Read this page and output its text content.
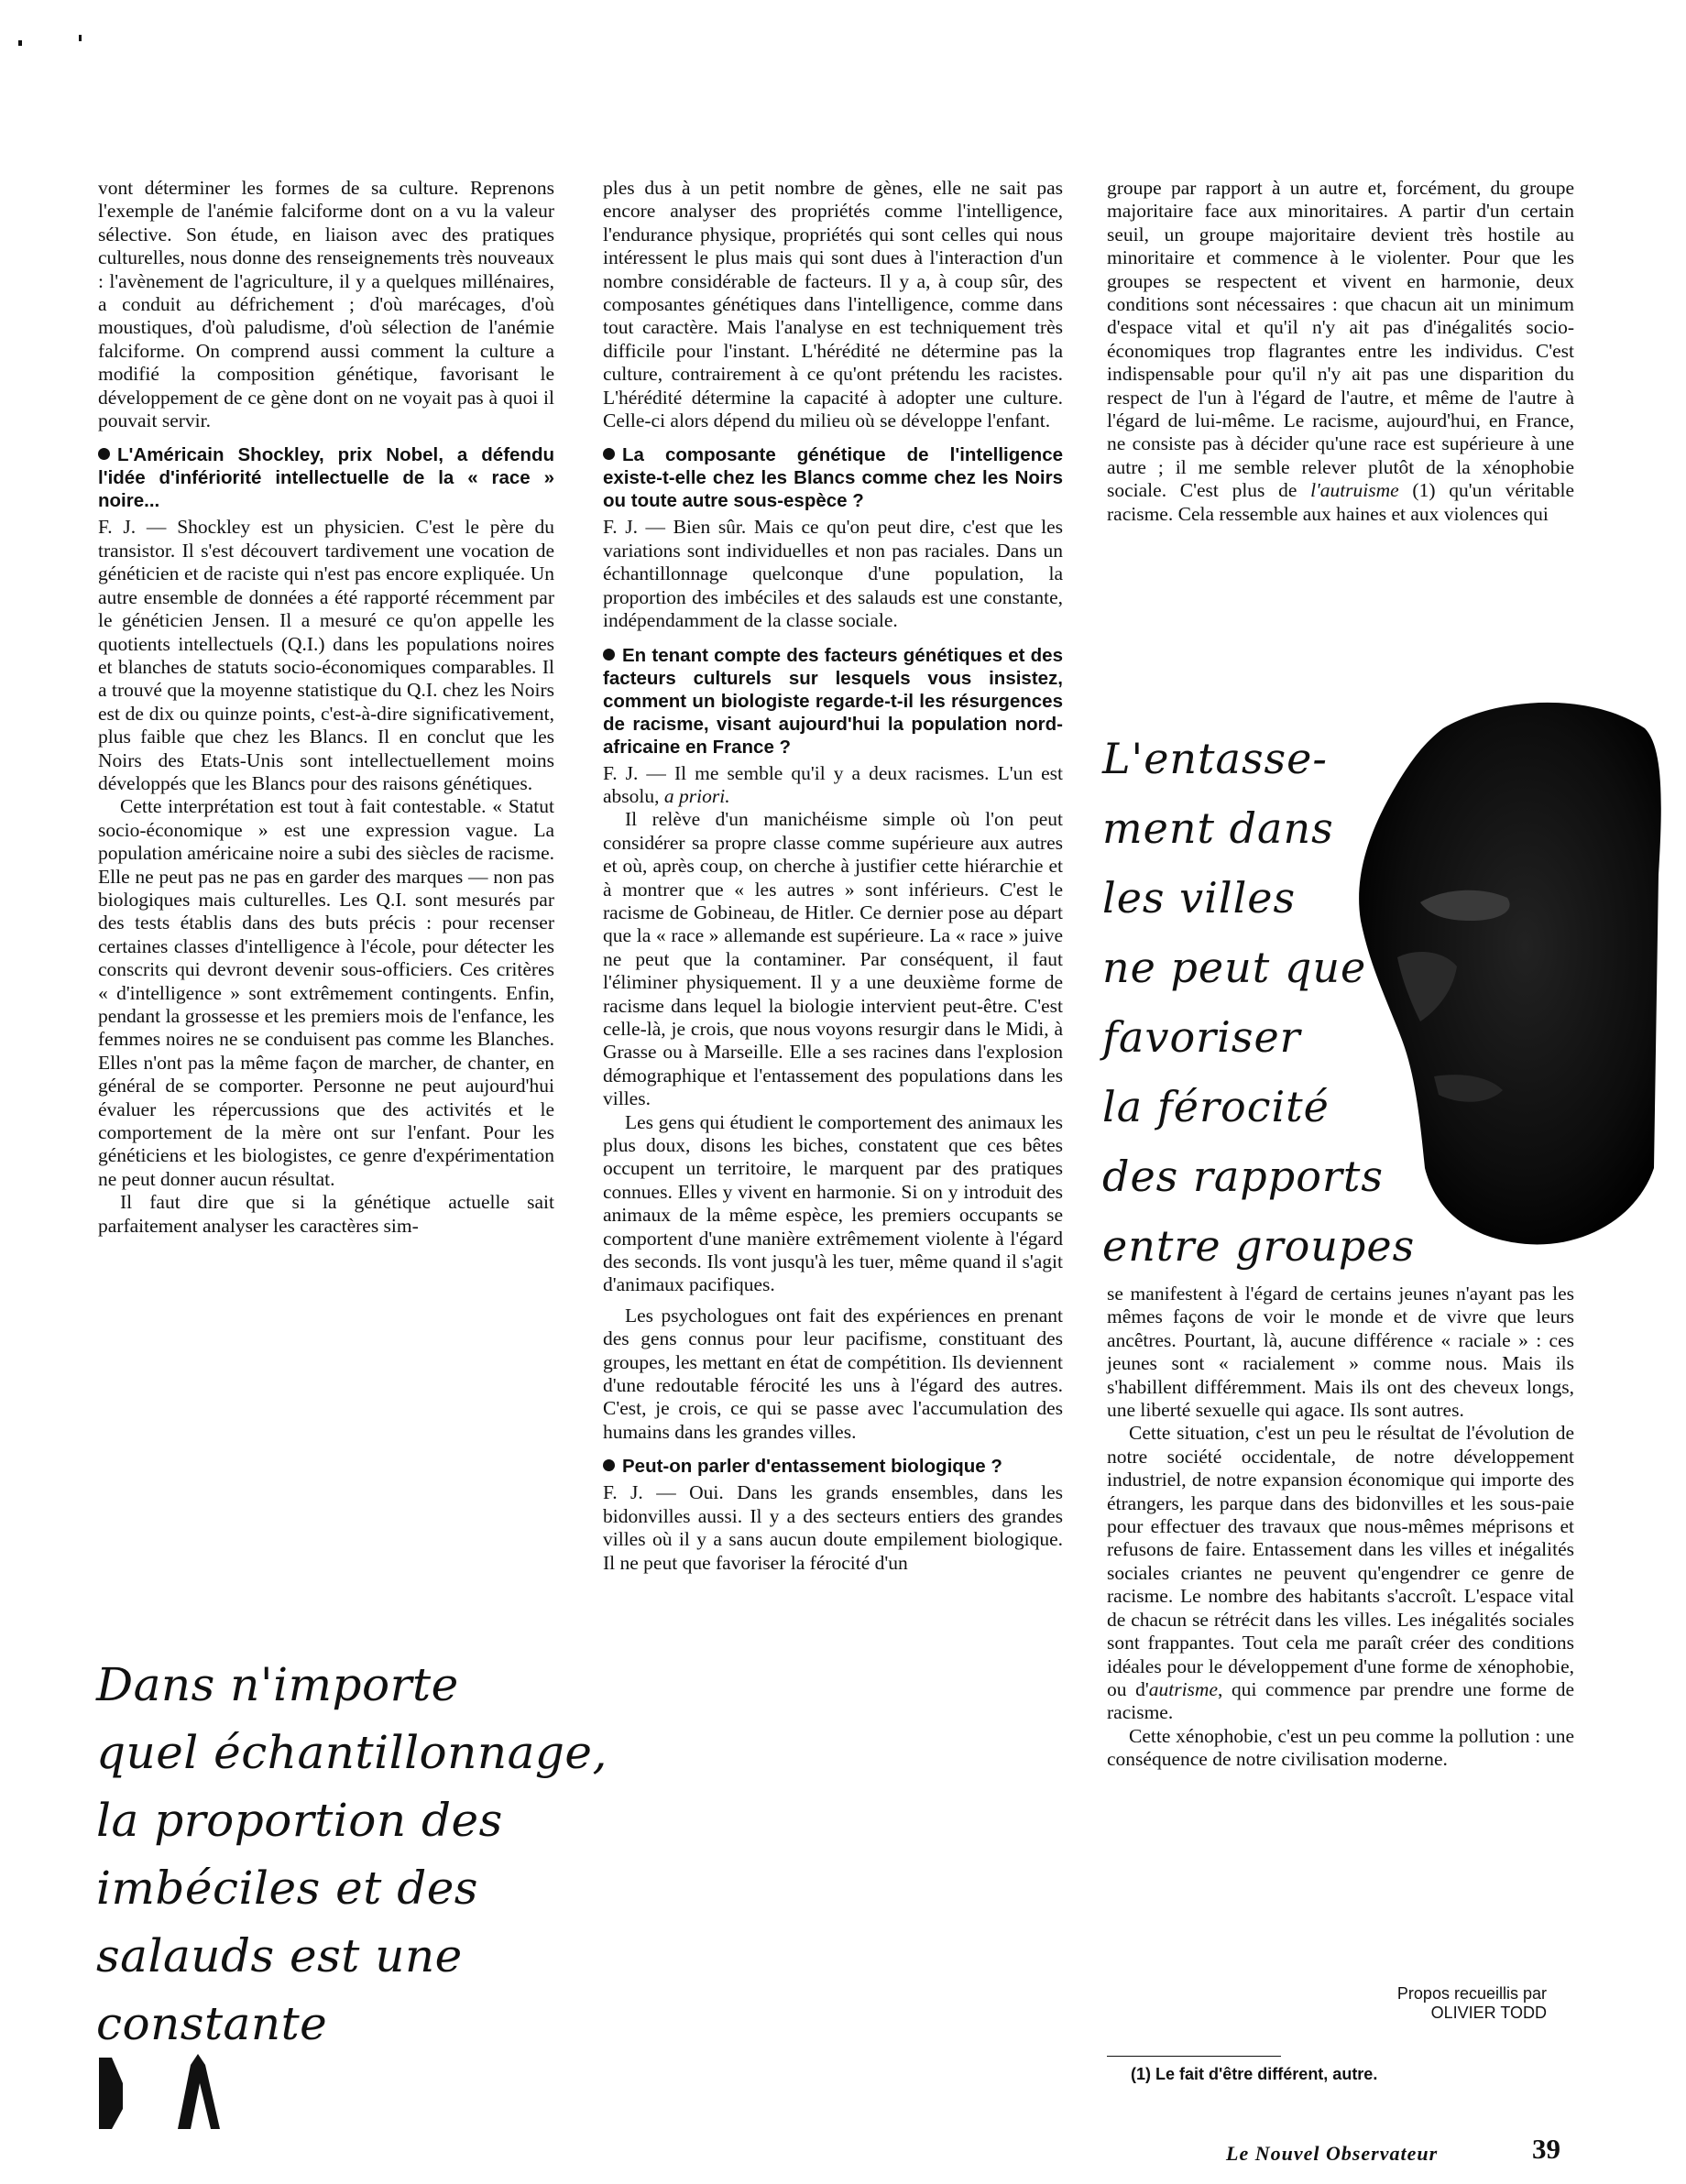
vont déterminer les formes de sa culture. Reprenons l'exemple de l'anémie falciforme dont on a vu la valeur sélective. Son étude, en liaison avec des pratiques culturelles, nous donne des renseignements très nouveaux : l'avènement de l'agriculture, il y a quelques millénaires, a conduit au défrichement ; d'où marécages, d'où moustiques, d'où paludisme, d'où sélection de l'anémie falciforme. On comprend aussi comment la culture a modifié la composition génétique, favorisant le développement de ce gène dont on ne voyait pas à quoi il pouvait servir.

L'Américain Shockley, prix Nobel, a défendu l'idée d'infériorité intellectuelle de la « race » noire...

F. J. — Shockley est un physicien. C'est le père du transistor. Il s'est découvert tardivement une vocation de généticien et de raciste qui n'est pas encore expliquée. Un autre ensemble de données a été rapporté récemment par le généticien Jensen. Il a mesuré ce qu'on appelle les quotients intellectuels (Q.I.) dans les populations noires et blanches de statuts socio-économiques comparables. Il a trouvé que la moyenne statistique du Q.I. chez les Noirs est de dix ou quinze points, c'est-à-dire significativement, plus faible que chez les Blancs. Il en conclut que les Noirs des Etats-Unis sont intellectuellement moins développés que les Blancs pour des raisons génétiques.

Cette interprétation est tout à fait contestable. « Statut socio-économique » est une expression vague. La population américaine noire a subi des siècles de racisme. Elle ne peut pas ne pas en garder des marques — non pas biologiques mais culturelles. Les Q.I. sont mesurés par des tests établis dans des buts précis : pour recenser certaines classes d'intelligence à l'école, pour détecter les conscrits qui devront devenir sous-officiers. Ces critères « d'intelligence » sont extrêmement contingents. Enfin, pendant la grossesse et les premiers mois de l'enfance, les femmes noires ne se conduisent pas comme les Blanches. Elles n'ont pas la même façon de marcher, de chanter, en général de se comporter. Personne ne peut aujourd'hui évaluer les répercussions que des activités et le comportement de la mère ont sur l'enfant. Pour les généticiens et les biologistes, ce genre d'expérimentation ne peut donner aucun résultat.

Il faut dire que si la génétique actuelle sait parfaitement analyser les caractères sim-

ples dus à un petit nombre de gènes, elle ne sait pas encore analyser des propriétés comme l'intelligence, l'endurance physique, propriétés qui sont celles qui nous intéressent le plus mais qui sont dues à l'interaction d'un nombre considérable de facteurs. Il y a, à coup sûr, des composantes génétiques dans l'intelligence, comme dans tout caractère. Mais l'analyse en est techniquement très difficile pour l'instant. L'hérédité ne détermine pas la culture, contrairement à ce qu'ont prétendu les racistes. L'hérédité détermine la capacité à adopter une culture. Celle-ci alors dépend du milieu où se développe l'enfant.

La composante génétique de l'intelligence existe-t-elle chez les Blancs comme chez les Noirs ou toute autre sous-espèce ?

F. J. — Bien sûr. Mais ce qu'on peut dire, c'est que les variations sont individuelles et non pas raciales. Dans un échantillonnage quelconque d'une population, la proportion des imbéciles et des salauds est une constante, indépendamment de la classe sociale.

En tenant compte des facteurs génétiques et des facteurs culturels sur lesquels vous insistez, comment un biologiste regarde-t-il les résurgences de racisme, visant aujourd'hui la population nord-africaine en France ?

F. J. — Il me semble qu'il y a deux racismes. L'un est absolu, a priori.

Il relève d'un manichéisme simple où l'on peut considérer sa propre classe comme supérieure aux autres et où, après coup, on cherche à justifier cette hiérarchie et à montrer que « les autres » sont inférieurs. C'est le racisme de Gobineau, de Hitler. Ce dernier pose au départ que la « race » allemande est supérieure. La « race » juive ne peut que la contaminer. Par conséquent, il faut l'éliminer physiquement. Il y a une deuxième forme de racisme dans lequel la biologie intervient peut-être. C'est celle-là, je crois, que nous voyons resurgir dans le Midi, à Grasse ou à Marseille. Elle a ses racines dans l'explosion démographique et l'entassement des populations dans les villes.

Les gens qui étudient le comportement des animaux les plus doux, disons les biches, constatent que ces bêtes occupent un territoire, le marquent par des pratiques connues. Elles y vivent en harmonie. Si on y introduit des animaux de la même espèce, les premiers occupants se comportent d'une manière extrêmement violente à l'égard des seconds. Ils vont jusqu'à les tuer, même quand il s'agit d'animaux pacifiques.

Les psychologues ont fait des expériences en prenant des gens connus pour leur pacifisme, constituant des groupes, les mettant en état de compétition. Ils deviennent d'une redoutable férocité les uns à l'égard des autres. C'est, je crois, ce qui se passe avec l'accumulation des humains dans les grandes villes.

Peut-on parler d'entassement biologique ?

F. J. — Oui. Dans les grands ensembles, dans les bidonvilles aussi. Il y a des secteurs entiers des grandes villes où il y a sans aucun doute empilement biologique. Il ne peut que favoriser la férocité d'un

groupe par rapport à un autre et, forcément, du groupe majoritaire face aux minoritaires. A partir d'un certain seuil, un groupe majoritaire devient très hostile au minoritaire et commence à le violenter. Pour que les groupes se respectent et vivent en harmonie, deux conditions sont nécessaires : que chacun ait un minimum d'espace vital et qu'il n'y ait pas d'inégalités socio-économiques trop flagrantes entre les individus. C'est indispensable pour qu'il n'y ait pas une disparition du respect de l'un à l'égard de l'autre, et même de l'autre à l'égard de lui-même. Le racisme, aujourd'hui, en France, ne consiste pas à décider qu'une race est supérieure à une autre ; il me semble relever plutôt de la xénophobie sociale. C'est plus de l'autruisme (1) qu'un véritable racisme. Cela ressemble aux haines et aux violences qui

L'entasse-
ment dans
les villes
ne peut que
favoriser
la férocité
des rapports
entre groupes

se manifestent à l'égard de certains jeunes n'ayant pas les mêmes façons de voir le monde et de vivre que leurs ancêtres. Pourtant, là, aucune différence « raciale » : ces jeunes sont « racialement » comme nous. Mais ils s'habillent différemment. Mais ils ont des cheveux longs, une liberté sexuelle qui agace. Ils sont autres.

Cette situation, c'est un peu le résultat de l'évolution de notre société occidentale, de notre développement industriel, de notre expansion économique qui importe des étrangers, les parque dans des bidonvilles et les sous-paie pour effectuer des travaux que nous-mêmes méprisons et refusons de faire. Entassement dans les villes et inégalités sociales criantes ne peuvent qu'engendrer ce genre de racisme. Le nombre des habitants s'accroît. L'espace vital de chacun se rétrécit dans les villes. Les inégalités sociales sont frappantes. Tout cela me paraît créer des conditions idéales pour le développement d'une forme de xénophobie, ou d'autrisme, qui commence par prendre une forme de racisme.

Cette xénophobie, c'est un peu comme la pollution : une conséquence de notre civilisation moderne.

Dans n'importe
quel échantillonnage,
la proportion des
imbéciles et des
salauds est une
constante
Propos recueillis par
OLIVIER TODD
(1) Le fait d'être différent, autre.
Le Nouvel Observateur	39
